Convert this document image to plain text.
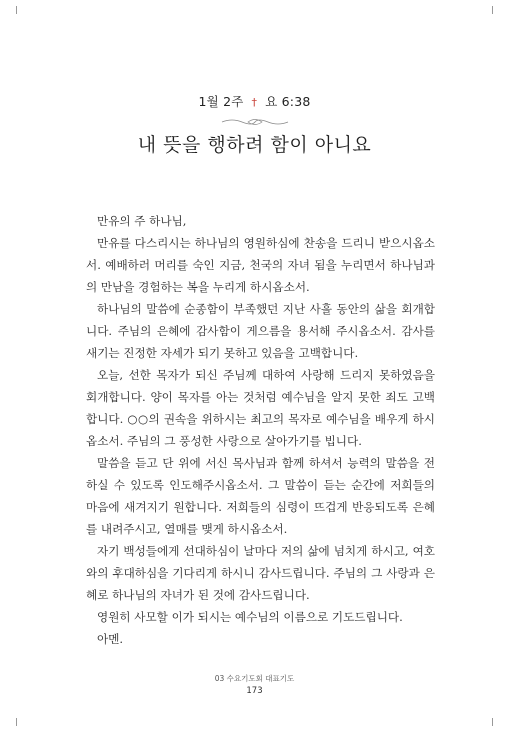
1월 2주 † 요 6:38
내 뜻을 행하려 함이 아니요

만유의 주 하나님,

만유를 다스리시는 하나님의 영원하심에 찬송을 드리니 받으시옵소서. 예배하러 머리를 숙인 지금, 천국의 자녀 됨을 누리면서 하나님과의 만남을 경험하는 복을 누리게 하시옵소서.

하나님의 말씀에 순종함이 부족했던 지난 사흘 동안의 삶을 회개합니다. 주님의 은혜에 감사함이 게으름을 용서해 주시옵소서. 감사를 새기는 진정한 자세가 되기 못하고 있음을 고백합니다.

오늘, 선한 목자가 되신 주님께 대하여 사랑해 드리지 못하였음을 회개합니다. 양이 목자를 아는 것처럼 예수님을 알지 못한 죄도 고백합니다. ○○의 권속을 위하시는 최고의 목자로 예수님을 배우게 하시옵소서. 주님의 그 풍성한 사랑으로 살아가기를 빕니다.

말씀을 듣고 단 위에 서신 목사님과 함께 하셔서 능력의 말씀을 전하실 수 있도록 인도해주시옵소서. 그 말씀이 듣는 순간에 저희들의 마음에 새겨지기 원합니다. 저희들의 심령이 뜨겁게 반응되도록 은혜를 내려주시고, 열매를 맺게 하시옵소서.

자기 백성들에게 선대하심이 날마다 저의 삶에 넘치게 하시고, 여호와의 후대하심을 기다리게 하시니 감사드립니다. 주님의 그 사랑과 은혜로 하나님의 자녀가 된 것에 감사드립니다.

영원히 사모할 이가 되시는 예수님의 이름으로 기도드립니다.

아멘.

03 수요기도회 대표기도
173
